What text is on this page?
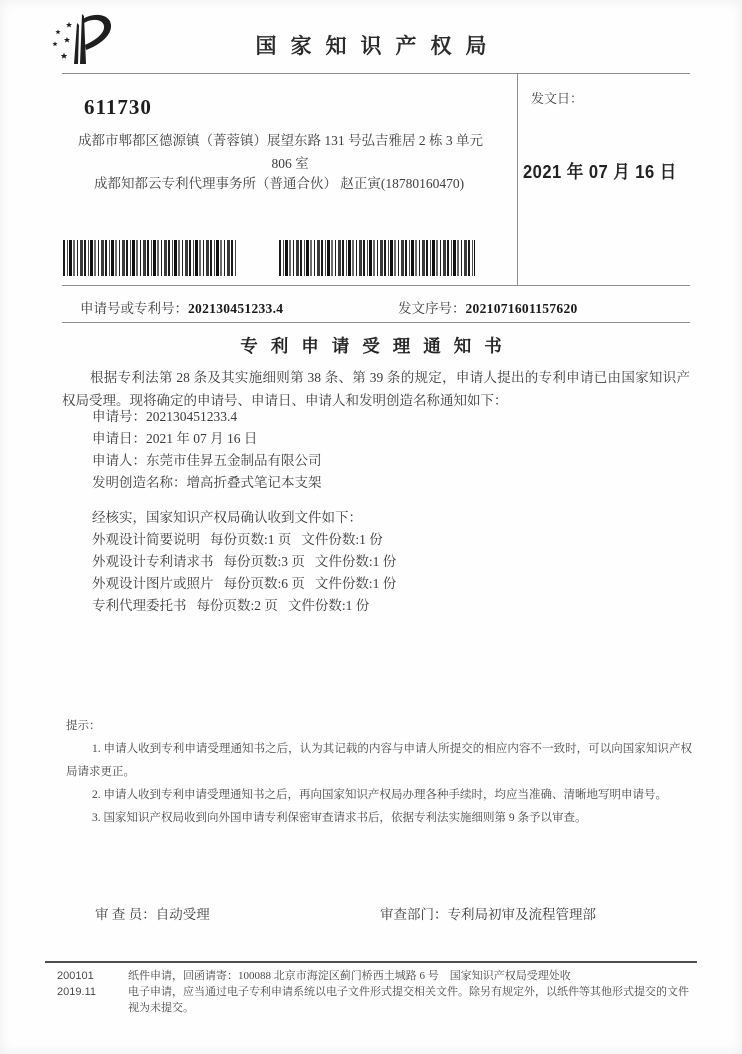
国家知识产权局
611730
成都市郫都区德源镇（菁蓉镇）展望东路 131 号弘吉雅居 2 栋 3 单元
806 室
成都知都云专利代理事务所（普通合伙） 赵正寅(18780160470)
发文日：
2021 年 07 月 16 日
申请号或专利号：202130451233.4	发文序号：2021071601157620
专利申请受理通知书
根据专利法第 28 条及其实施细则第 38 条、第 39 条的规定，申请人提出的专利申请已由国家知识产权局受理。现将确定的申请号、申请日、申请人和发明创造名称通知如下：
申请号：202130451233.4
申请日：2021 年 07 月 16 日
申请人：东莞市佳昇五金制品有限公司
发明创造名称：增高折叠式笔记本支架
经核实，国家知识产权局确认收到文件如下：
外观设计简要说明 每份页数:1 页 文件份数:1 份
外观设计专利请求书 每份页数:3 页 文件份数:1 份
外观设计图片或照片 每份页数:6 页 文件份数:1 份
专利代理委托书 每份页数:2 页 文件份数:1 份
提示：
1. 申请人收到专利申请受理通知书之后，认为其记载的内容与申请人所提交的相应内容不一致时，可以向国家知识产权局请求更正。
2. 申请人收到专利申请受理通知书之后，再向国家知识产权局办理各种手续时，均应当准确、清晰地写明申请号。
3. 国家知识产权局收到向外国申请专利保密审查请求书后，依据专利法实施细则第 9 条予以审查。
审 查 员：自动受理	审查部门：专利局初审及流程管理部
200101
2019.11
纸件申请，回函请寄：100088 北京市海淀区蓟门桥西土城路 6 号　国家知识产权局受理处收
电子申请，应当通过电子专利申请系统以电子文件形式提交相关文件。除另有规定外，以纸件等其他形式提交的文件视为未提交。
